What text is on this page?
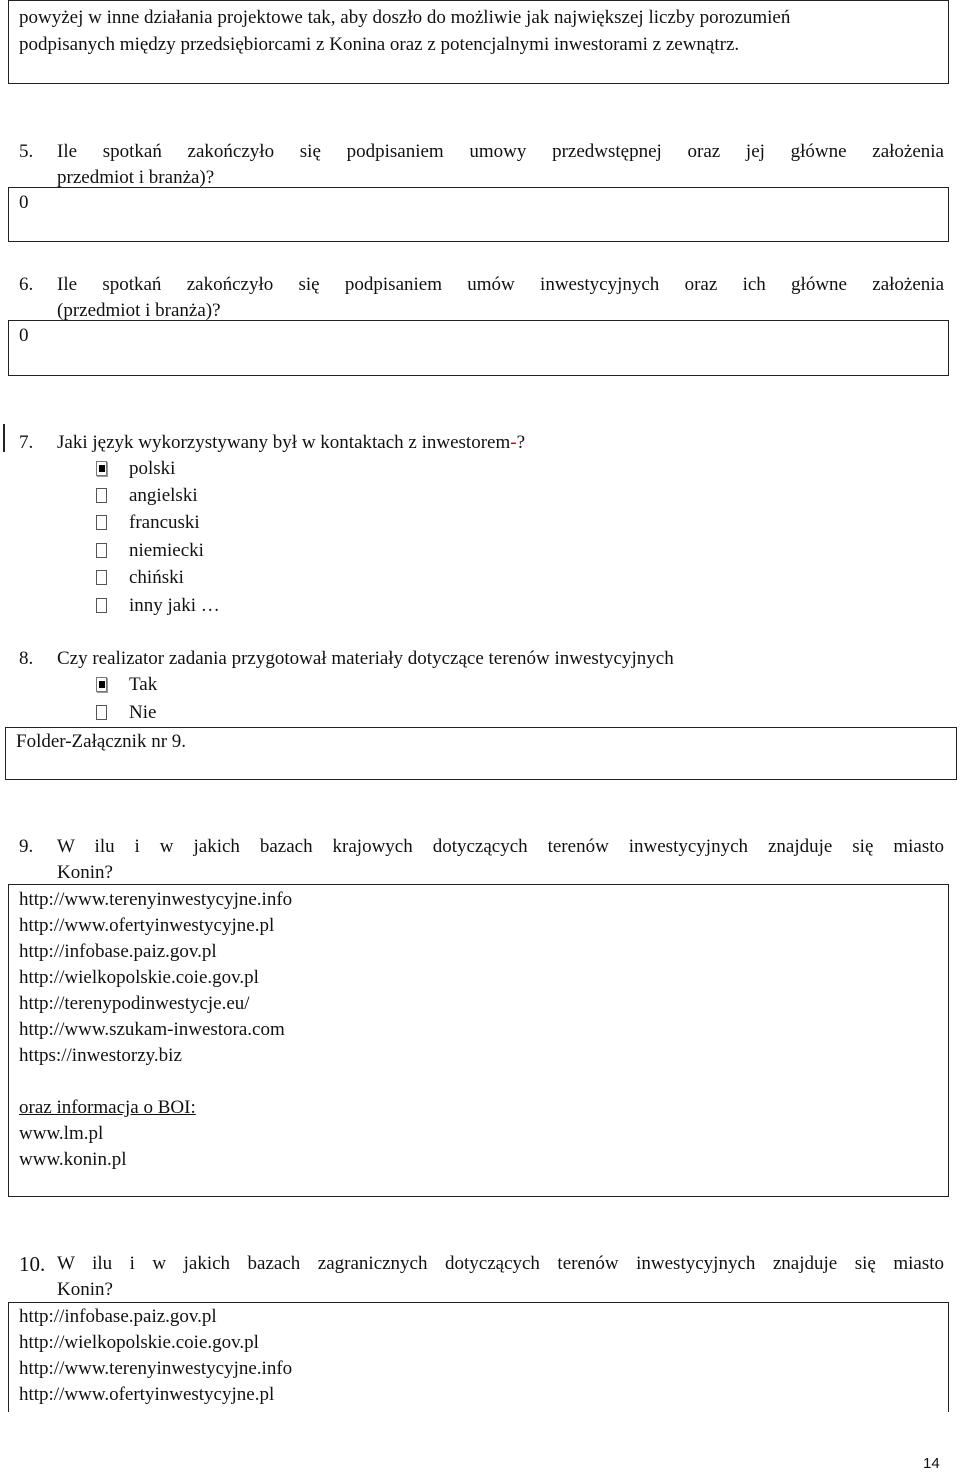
powyżej w inne działania projektowe tak, aby doszło do możliwie jak największej liczby porozumień
podpisanych między przedsiębiorcami z Konina oraz z potencjalnymi inwestorami z zewnątrz.
5. Ile spotkań zakończyło się podpisaniem umowy przedwstępnej oraz jej główne założenia
przedmiot i branża)?
0
6. Ile spotkań zakończyło się podpisaniem umów inwestycyjnych oraz ich główne założenia
(przedmiot i branża)?
0
7. Jaki język wykorzystywany był w kontaktach z inwestorem-?
polski
angielski
francuski
niemiecki
chiński
inny jaki …
8. Czy realizator zadania przygotował materiały dotyczące terenów inwestycyjnych
Tak
Nie
Folder-Załącznik nr 9.
9. W ilu i w jakich bazach krajowych dotyczących terenów inwestycyjnych znajduje się miasto
Konin?
http://www.terenyinwestycyjne.info
http://www.ofertyinwestycyjne.pl
http://infobase.paiz.gov.pl
http://wielkopolskie.coie.gov.pl
http://terenypodinwestycje.eu/
http://www.szukam-inwestora.com
https://inwestorzy.biz
oraz informacja o BOI:
www.lm.pl
www.konin.pl
10. W ilu i w jakich bazach zagranicznych dotyczących terenów inwestycyjnych znajduje się miasto
Konin?
http://infobase.paiz.gov.pl
http://wielkopolskie.coie.gov.pl
http://www.terenyinwestycyjne.info
http://www.ofertyinwestycyjne.pl
14
